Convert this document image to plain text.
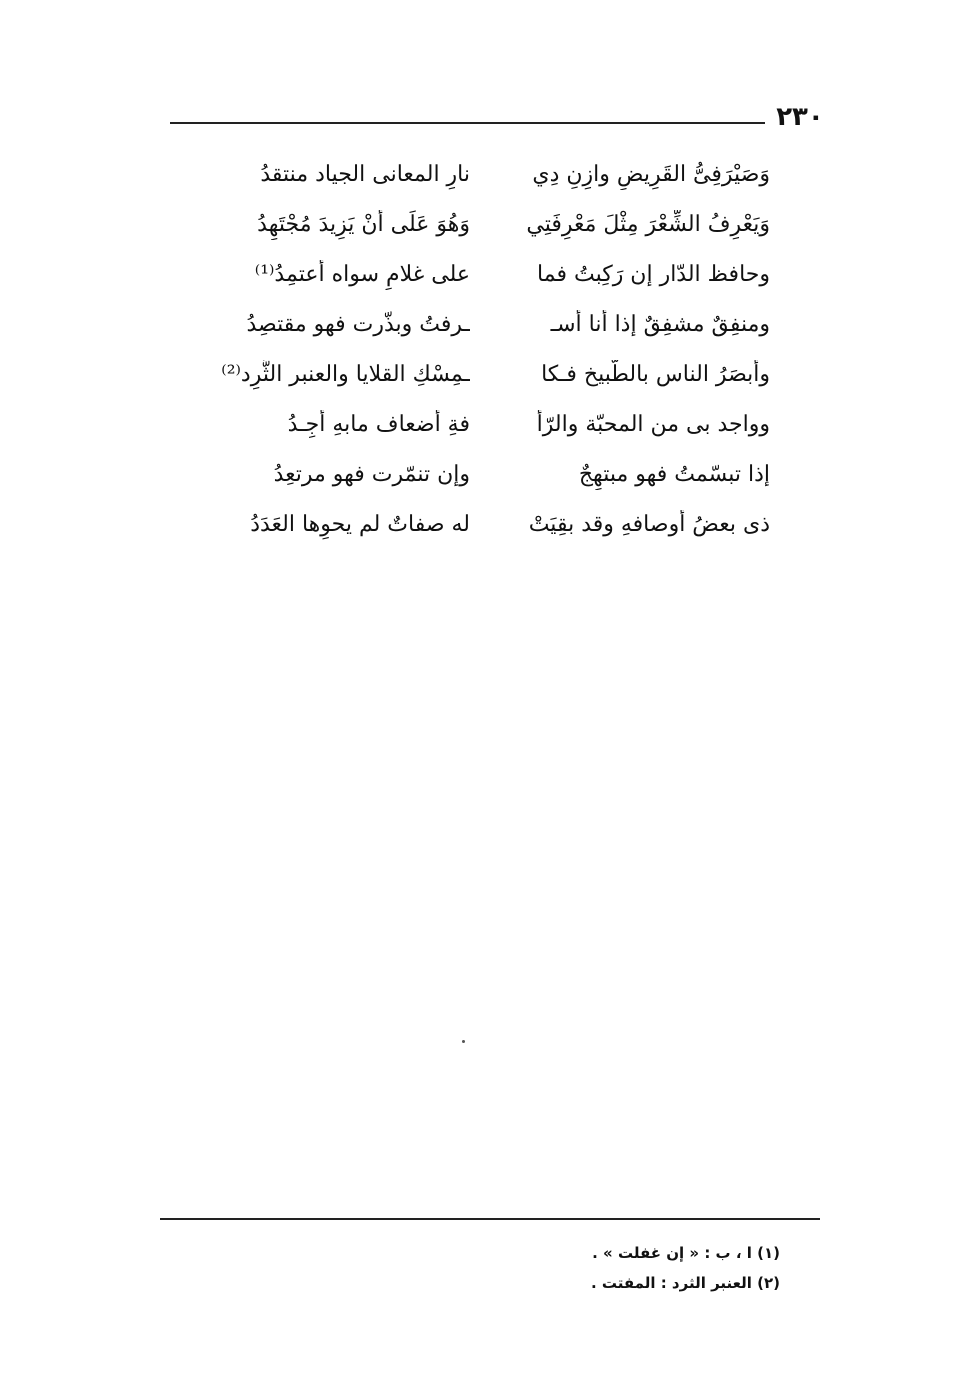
٢٣٠
وَصَيْرَفِىُّ القَرِيضِ وازِنِ دِي
نارِ المعانى الجياد منتقدُ
وَيَعْرِفُ الشِّعْرَ مِثْلَ مَعْرِفَتِي
وَهُوَ عَلَى أَنْ يَزِيدَ مُجْتَهِدُ
وحافظ الدّار إن رَكِبتُ فما
على غلامٍ سواه أعتمِدُ⁽¹⁾
ومنفِقٌ مشفِقٌ إذا أنا أسـ
ـرفتُ وبذّرت فهو مقتصِدُ
وأبصَرُ الناس بالطّبيخ فـكا
ـمِسْكِ القلايا والعنبر الثَّرِد⁽²⁾
وواجد بى من المحبّة والرّأ
فةِ أضعاف مابهِ أجِـدُ
إذا تبسّمتُ فهو مبتهِجٌ
وإن تنمّرت فهو مرتعِدُ
ذى بعضُ أوصافهِ وقد بقِيَتْ
له صفاتٌ لم يحوِها العَدَدُ
(١) ا ، ب : « إن غفلت » .
(٢) العنبر الثرد : المفتت .
